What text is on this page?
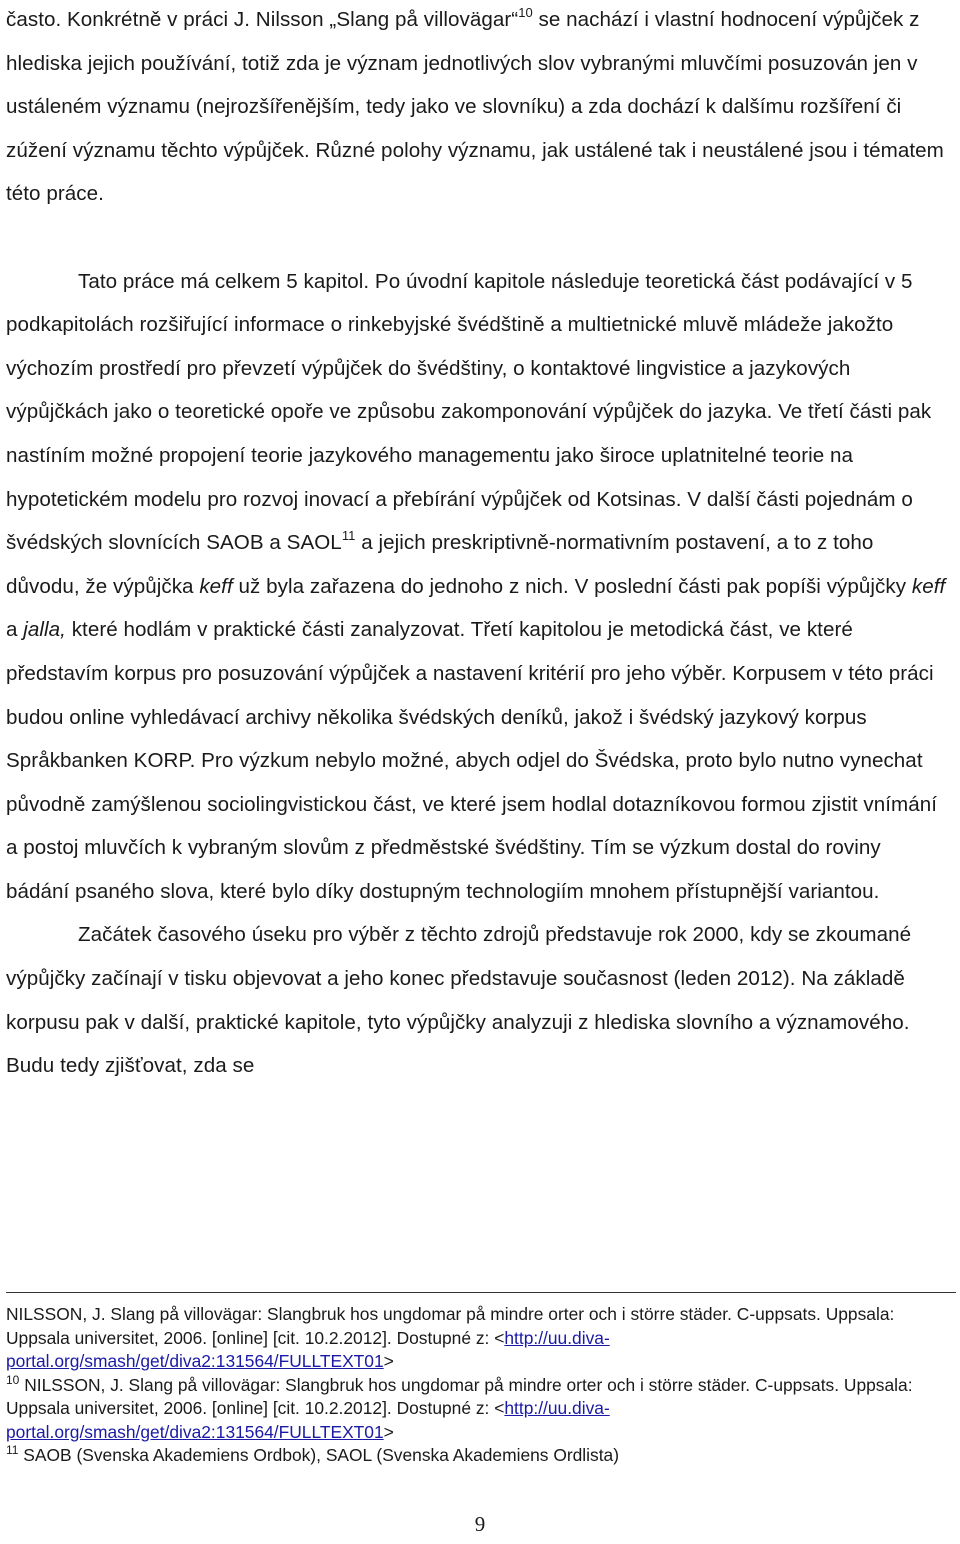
často. Konkrétně v práci J. Nilsson „Slang på villovägar“$^{10}$ se nachází i vlastní hodnocení výpůjček z hlediska jejich používání, totiž zda je význam jednotlivých slov vybranými mluvčími posuzován jen v ustáleném významu (nejrozšířenějším, tedy jako ve slovníku) a zda dochází k dalšímu rozšíření či zúžení významu těchto výpůjček. Různé polohy významu, jak ustálené tak i neustálené jsou i tématem této práce.

Tato práce má celkem 5 kapitol. Po úvodní kapitole následuje teoretická část podávající v 5 podkapitolách rozšiřující informace o rinkebyjské švédštině a multietnické mluvě mládeže jakožto výchozím prostředí pro převzetí výpůjček do švédštiny, o kontaktové lingvistice a jazykových výpůjčkách jako o teoretické opoře ve způsobu zakomponování výpůjček do jazyka. Ve třetí části pak nastíním možné propojení teorie jazykového managementu jako široce uplatnitelné teorie na hypotetickém modelu pro rozvoj inovací a přebírání výpůjček od Kotsinas. V další části pojednám o švédských slovnících SAOB a SAOL$^{11}$ a jejich preskriptivně-normativním postavení, a to z toho důvodu, že výpůjčka keff už byla zařazena do jednoho z nich. V poslední části pak popíši výpůjčky keff a jalla, které hodlám v praktické části zanalyzovat. Třetí kapitolou je metodická část, ve které představím korpus pro posuzování výpůjček a nastavení kritérií pro jeho výběr. Korpusem v této práci budou online vyhledávací archivy několika švédských deníků, jakož i švédský jazykový korpus Språkbanken KORP. Pro výzkum nebylo možné, abych odjel do Švédska, proto bylo nutno vynechat původně zamýšlenou sociolingvistickou část, ve které jsem hodlal dotazníkovou formou zjistit vnímání a postoj mluvčích k vybraným slovům z předměstské švédštiny. Tím se výzkum dostal do roviny bádání psaného slova, které bylo díky dostupným technologiím mnohem přístupnější variantou.

Začátek časového úseku pro výběr z těchto zdrojů představuje rok 2000, kdy se zkoumané výpůjčky začínají v tisku objevovat a jeho konec představuje současnost (leden 2012). Na základě korpusu pak v další, praktické kapitole, tyto výpůjčky analyzuji z hlediska slovního a významového. Budu tedy zjišťovat, zda se

NILSSON, J. Slang på villovägar: Slangbruk hos ungdomar på mindre orter och i större städer. C-uppsats. Uppsala: Uppsala universitet, 2006. [online] [cit. 10.2.2012]. Dostupné z: <http://uu.diva-portal.org/smash/get/diva2:131564/FULLTEXT01>

$^{10}$ NILSSON, J. Slang på villovägar: Slangbruk hos ungdomar på mindre orter och i större städer. C-uppsats. Uppsala: Uppsala universitet, 2006. [online] [cit. 10.2.2012]. Dostupné z: <http://uu.diva-portal.org/smash/get/diva2:131564/FULLTEXT01>

$^{11}$ SAOB (Svenska Akademiens Ordbok), SAOL (Svenska Akademiens Ordlista)

9
